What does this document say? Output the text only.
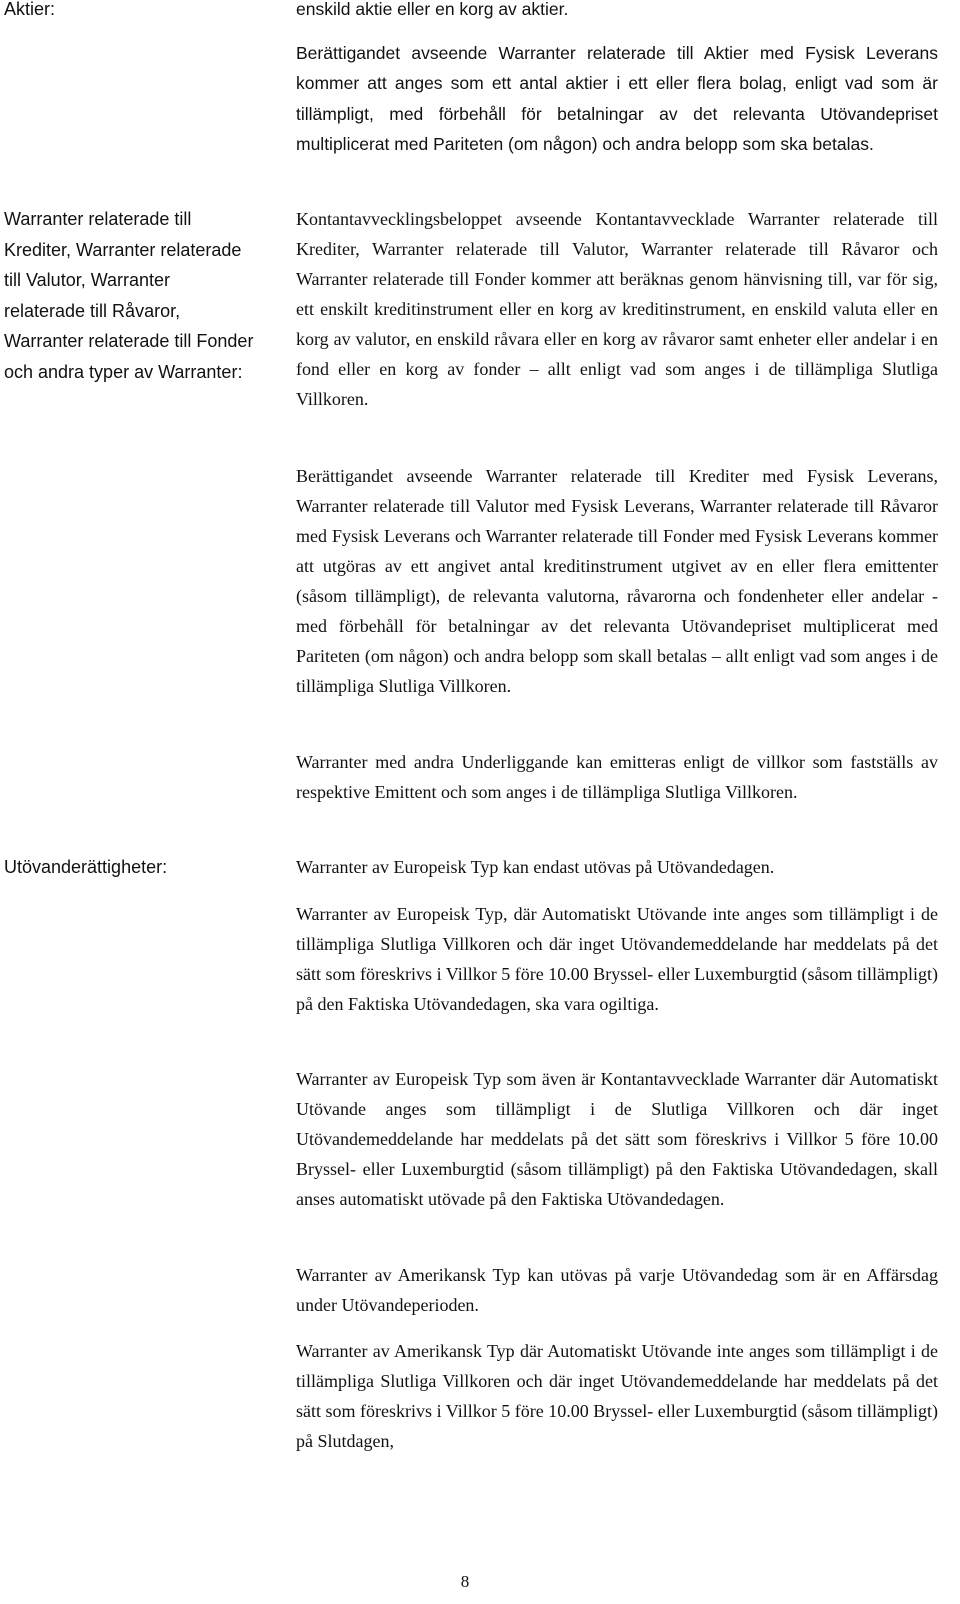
Aktier:

Warranter relaterade till Krediter, Warranter relaterade till Valutor, Warranter relaterade till Råvaror, Warranter relaterade till Fonder och andra typer av Warranter:

Utövanderättigheter:

enskild aktie eller en korg av aktier.

Berättigandet avseende Warranter relaterade till Aktier med Fysisk Leverans kommer att anges som ett antal aktier i ett eller flera bolag, enligt vad som är tillämpligt, med förbehåll för betalningar av det relevanta Utövandepriset multiplicerat med Pariteten (om någon) och andra belopp som ska betalas.

Kontantavvecklingsbeloppet avseende Kontantavvecklade Warranter relaterade till Krediter, Warranter relaterade till Valutor, Warranter relaterade till Råvaror och Warranter relaterade till Fonder kommer att beräknas genom hänvisning till, var för sig, ett enskilt kreditinstrument eller en korg av kreditinstrument, en enskild valuta eller en korg av valutor, en enskild råvara eller en korg av råvaror samt enheter eller andelar i en fond eller en korg av fonder – allt enligt vad som anges i de tillämpliga Slutliga Villkoren.

Berättigandet avseende Warranter relaterade till Krediter med Fysisk Leverans, Warranter relaterade till Valutor med Fysisk Leverans, Warranter relaterade till Råvaror med Fysisk Leverans och Warranter relaterade till Fonder med Fysisk Leverans kommer att utgöras av ett angivet antal kreditinstrument utgivet av en eller flera emittenter (såsom tillämpligt), de relevanta valutorna, råvarorna och fondenheter eller andelar - med förbehåll för betalningar av det relevanta Utövandepriset multiplicerat med Pariteten (om någon) och andra belopp som skall betalas – allt enligt vad som anges i de tillämpliga Slutliga Villkoren.

Warranter med andra Underliggande kan emitteras enligt de villkor som fastställs av respektive Emittent och som anges i de tillämpliga Slutliga Villkoren.

Warranter av Europeisk Typ kan endast utövas på Utövandedagen.

Warranter av Europeisk Typ, där Automatiskt Utövande inte anges som tillämpligt i de tillämpliga Slutliga Villkoren och där inget Utövandemeddelande har meddelats på det sätt som föreskrivs i Villkor 5 före 10.00 Bryssel- eller Luxemburgtid (såsom tillämpligt) på den Faktiska Utövandedagen, ska vara ogiltiga.

Warranter av Europeisk Typ som även är Kontantavvecklade Warranter där Automatiskt Utövande anges som tillämpligt i de Slutliga Villkoren och där inget Utövandemeddelande har meddelats på det sätt som föreskrivs i Villkor 5 före 10.00 Bryssel- eller Luxemburgtid (såsom tillämpligt) på den Faktiska Utövandedagen, skall anses automatiskt utövade på den Faktiska Utövandedagen.

Warranter av Amerikansk Typ kan utövas på varje Utövandedag som är en Affärsdag under Utövandeperioden.

Warranter av Amerikansk Typ där Automatiskt Utövande inte anges som tillämpligt i de tillämpliga Slutliga Villkoren och där inget Utövandemeddelande har meddelats på det sätt som föreskrivs i Villkor 5 före 10.00 Bryssel- eller Luxemburgtid (såsom tillämpligt) på Slutdagen,

8
